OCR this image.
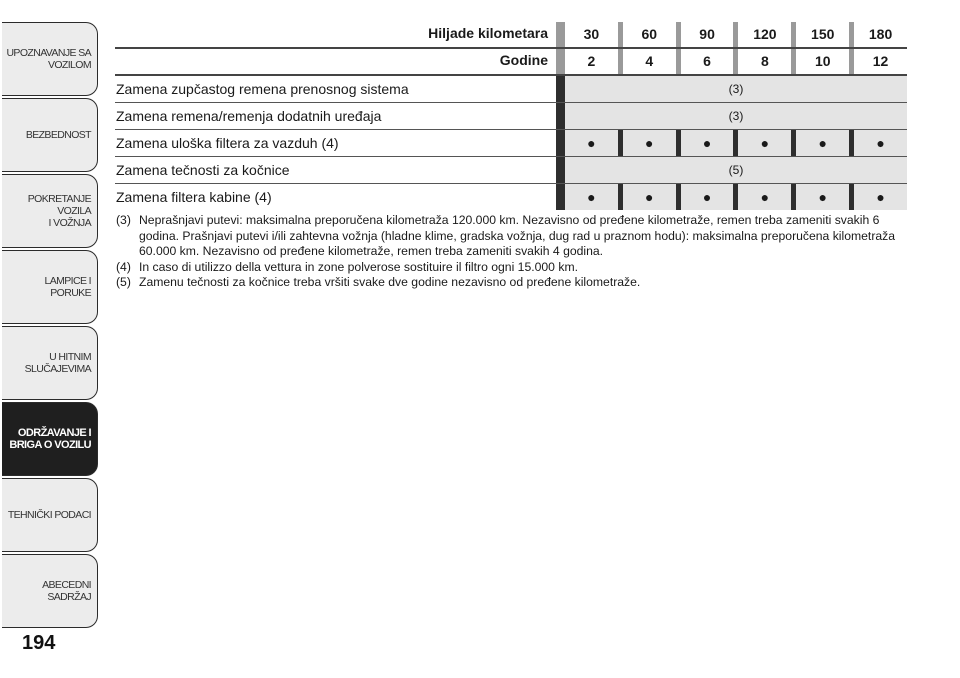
UPOZNAVANJE SA
VOZILOM
BEZBEDNOST
POKRETANJE VOZILA
I VOŽNJA
LAMPICE I PORUKE
U HITNIM
SLUČAJEVIMA
ODRŽAVANJE I
BRIGA O VOZILU
TEHNIČKI PODACI
ABECEDNI SADRŽAJ
194
Hiljade kilometara	30	60	90	120	150	180
Godine	2	4	6	8	10	12
Zamena zupčastog remena prenosnog sistema	(3)
Zamena remena/remenja dodatnih uređaja	(3)
Zamena uloška filtera za vazduh (4)	●	●	●	●	●	●
Zamena tečnosti za kočnice	(5)
Zamena filtera kabine (4)	●	●	●	●	●	●
(3) Neprašnjavi putevi: maksimalna preporučena kilometraža 120.000 km. Nezavisno od pređene kilometraže, remen treba zameniti svakih 6 godina. Prašnjavi putevi i/ili zahtevna vožnja (hladne klime, gradska vožnja, dug rad u praznom hodu): maksimalna preporučena kilometraža 60.000 km. Nezavisno od pređene kilometraže, remen treba zameniti svakih 4 godina.
(4) In caso di utilizzo della vettura in zone polverose sostituire il filtro ogni 15.000 km.
(5) Zamenu tečnosti za kočnice treba vršiti svake dve godine nezavisno od pređene kilometraže.
